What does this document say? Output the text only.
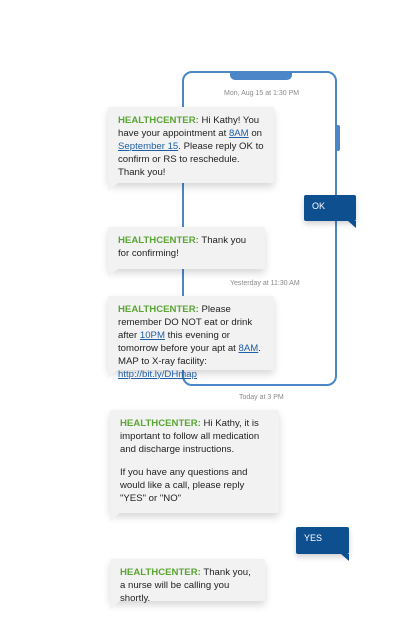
Mon, Aug 15 at 1:30 PM
HEALTHCENTER: Hi Kathy! You have your appointment at 8AM on September 15. Please reply OK to confirm or RS to reschedule. Thank you!
OK
HEALTHCENTER: Thank you for confirming!
Yesterday at 11:30 AM
HEALTHCENTER: Please remember DO NOT eat or drink after 10PM this evening or tomorrow before your apt at 8AM. MAP to X-ray facility: http://bit.ly/DHmap
Today at 3 PM
HEALTHCENTER: Hi Kathy, it is important to follow all medication and discharge instructions.
If you have any questions and would like a call, please reply "YES" or "NO"
YES
HEALTHCENTER: Thank you, a nurse will be calling you shortly.
